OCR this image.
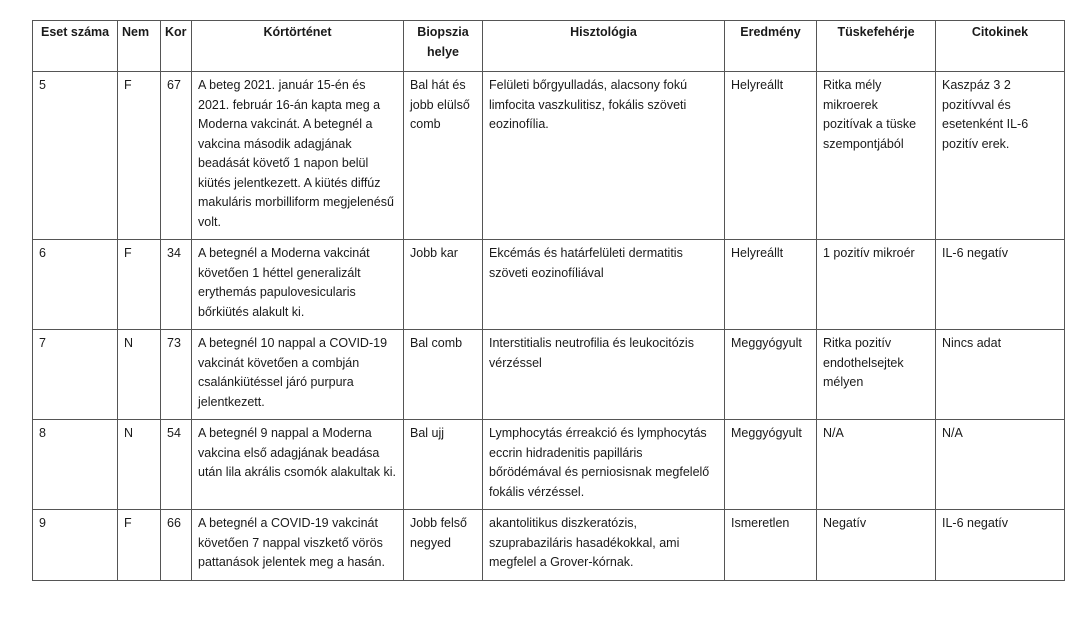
Eset száma	Nem	Kor	Kórtörténet	Biopszia helye	Hisztológia	Eredmény	Tüskefehérje	Citokinek
5	F	67	A beteg 2021. január 15-én és 2021. február 16-án kapta meg a Moderna vakcinát. A betegnél a vakcina második adagjának beadását követő 1 napon belül kiütés jelentkezett. A kiütés diffúz makuláris morbilliform megjelenésű volt.	Bal hát és jobb elülső comb	Felületi bőrgyulladás, alacsony fokú limfocita vaszkulitisz, fokális szöveti eozinofília.	Helyreállt	Ritka mély mikroerek pozitívak a tüske szempontjából	Kaszpáz 3 2 pozitívval és esetenként IL-6 pozitív erek.
6	F	34	A betegnél a Moderna vakcinát követően 1 héttel generalizált erythemás papulovesicularis bőrkiütés alakult ki.	Jobb kar	Ekcémás és határfelületi dermatitis szöveti eozinofíliával	Helyreállt	1 pozitív mikroér	IL-6 negatív
7	N	73	A betegnél 10 nappal a COVID-19 vakcinát követően a combján csalánkiütéssel járó purpura jelentkezett.	Bal comb	Interstitialis neutrofilia és leukocitózis vérzéssel	Meggyógyult	Ritka pozitív endothelsejtek mélyen	Nincs adat
8	N	54	A betegnél 9 nappal a Moderna vakcina első adagjának beadása után lila akrális csomók alakultak ki.	Bal ujj	Lymphocytás érreakció és lymphocytás eccrin hidradenitis papilláris bőrödémával és perniosisnak megfelelő fokális vérzéssel.	Meggyógyult	N/A	N/A
9	F	66	A betegnél a COVID-19 vakcinát követően 7 nappal viszkető vörös pattanások jelentek meg a hasán.	Jobb felső negyed	akantolitikus diszkeratózis, szuprabaziláris hasadékokkal, ami megfelel a Grover-kórnak.	Ismeretlen	Negatív	IL-6 negatív
